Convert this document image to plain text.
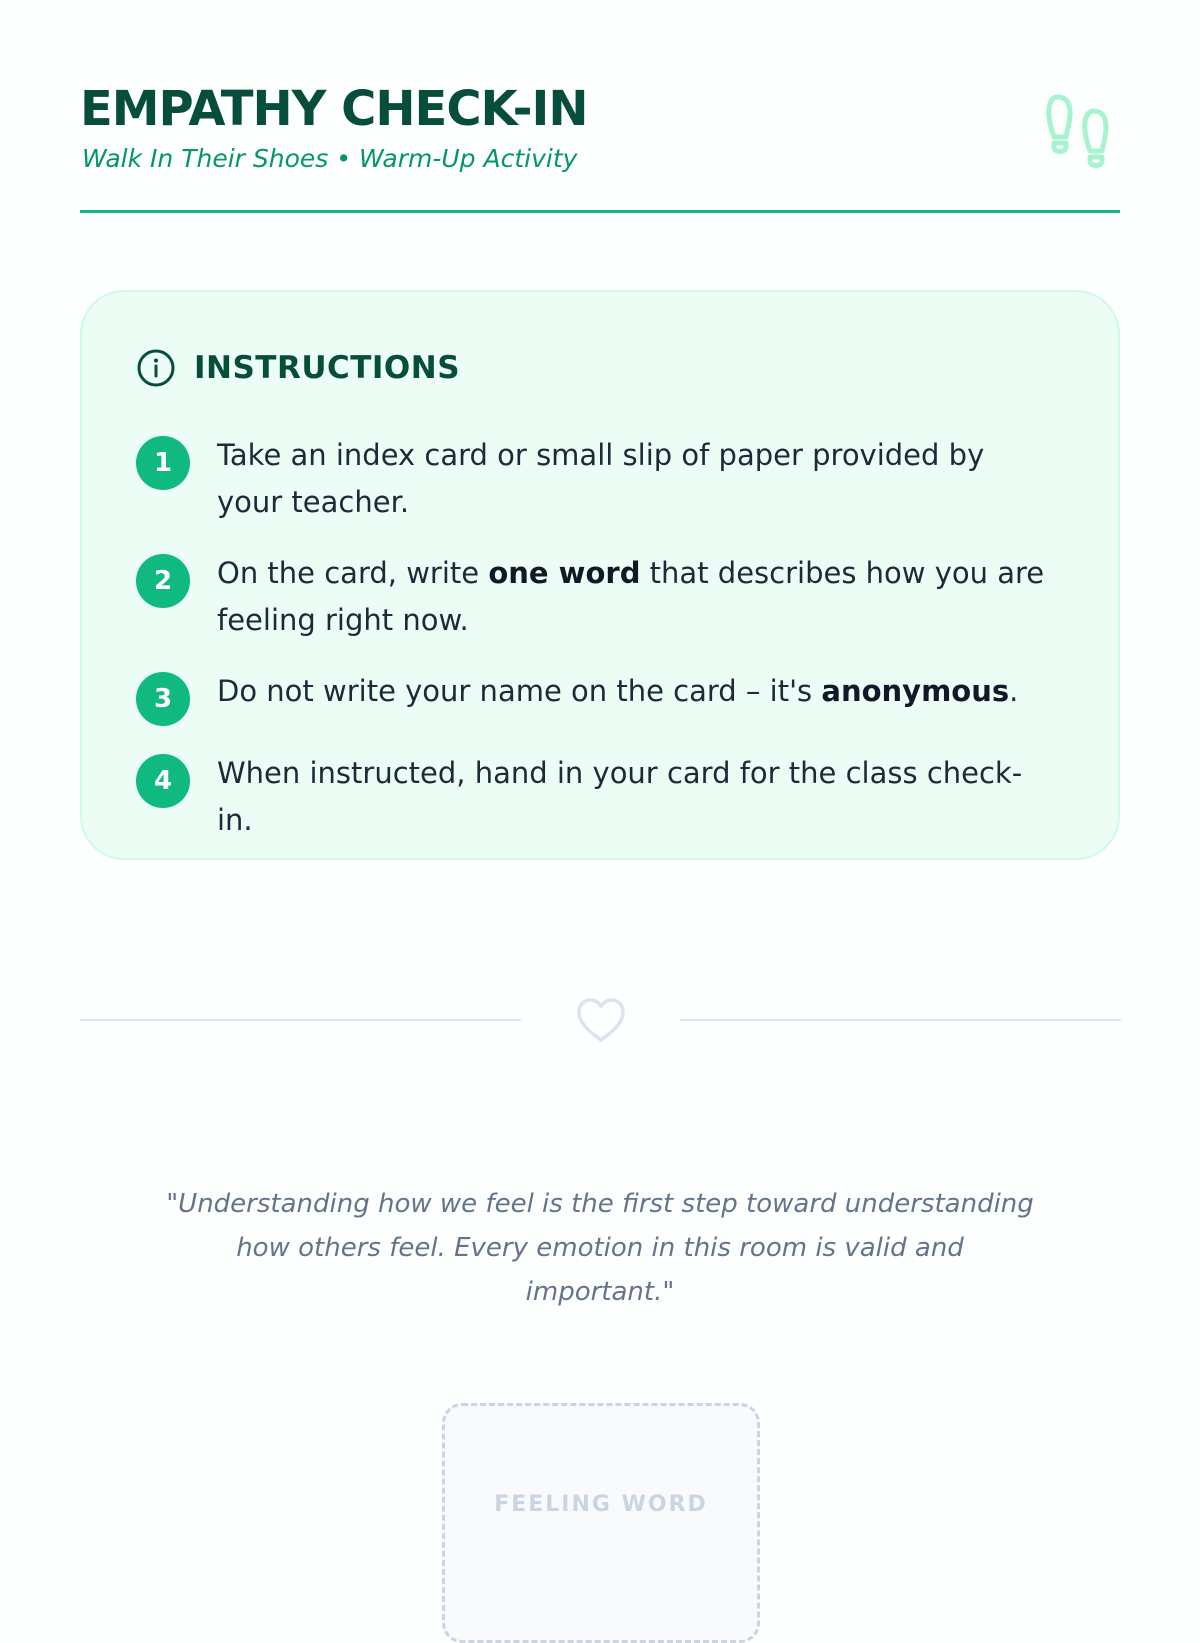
EMPATHY CHECK-IN

Walk In Their Shoes • Warm-Up Activity

INSTRUCTIONS
1	Take an index card or small slip of paper provided by your teacher.
2	On the card, write one word that describes how you are feeling right now.
3	Do not write your name on the card – it's anonymous.
4	When instructed, hand in your card for the class check-in.

"Understanding how we feel is the first step toward understanding how others feel. Every emotion in this room is valid and important."

FEELING WORD
